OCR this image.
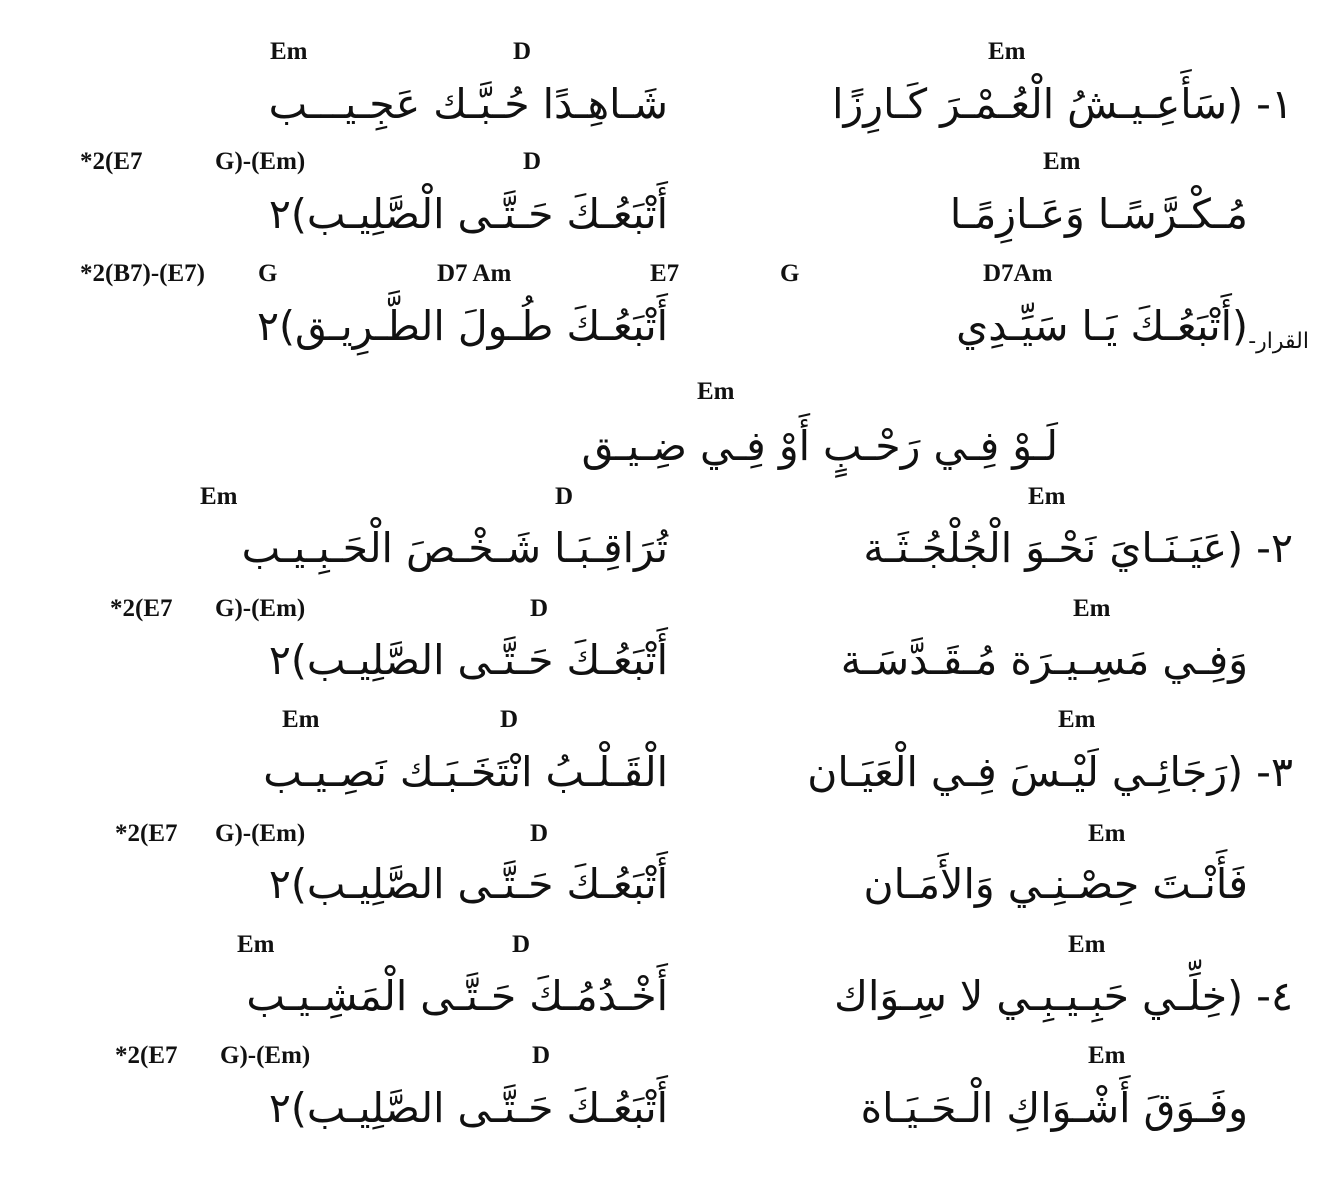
Em	D	Em
١- (سَأَعِـيـشُ الْعُـمْـرَ كَـارِزًا
شَـاهِـدًا حُـبَّـك عَجِـيـــب
*2(E7	G)-(Em)	D	Em
مُـكْـرَّسًـا وَعَـازِمًـا
أَتْبَعُـكَ حَـتَّـى الْصَّلِيـب)٢
*2(B7)-(E7) G	D7 Am	E7	G	D7Am
القرار-
(أَتْبَعُـكَ يَـا سَيِّـدِي
أَتْبَعُـكَ طُـولَ الطَّـرِيـق)٢
Em
لَـوْ فِـي رَحْـبٍ أَوْ فِـي ضِـيـق
Em	D	Em
٢- (عَيَـنَـايَ نَحْـوَ الْجُلْجُـثَـة
تُرَاقِـبَـا شَـخْـصَ الْحَـبِـيـب
*2(E7 G)-(Em)	D	Em
وَفِـي مَسِـيـرَة مُـقَـدَّسَـة
أَتْبَعُـكَ حَـتَّـى الصَّلِيـب)٢
Em	D	Em
٣- (رَجَائِـي لَيْـسَ فِـي الْعَيَـان
الْقَـلْـبُ انْتَخَـبَـك نَصِـيـب
*2(E7 G)-(Em)	D	Em
فَأَنْـتَ حِصْـنِـي وَالأَمَـان
أَتْبَعُـكَ حَـتَّـى الصَّلِيـب)٢
Em	D	Em
٤- (خِلِّـي حَبِـيـبِـي لا سِـوَاك
أَخْـدُمُـكَ حَـتَّـى الْمَشِـيـب
*2(E7 G)-(Em)	D	Em
وفَـوَقَ أَشْـوَاكِ الْـحَـيَـاة
أَتْبَعُـكَ حَـتَّـى الصَّلِيـب)٢
